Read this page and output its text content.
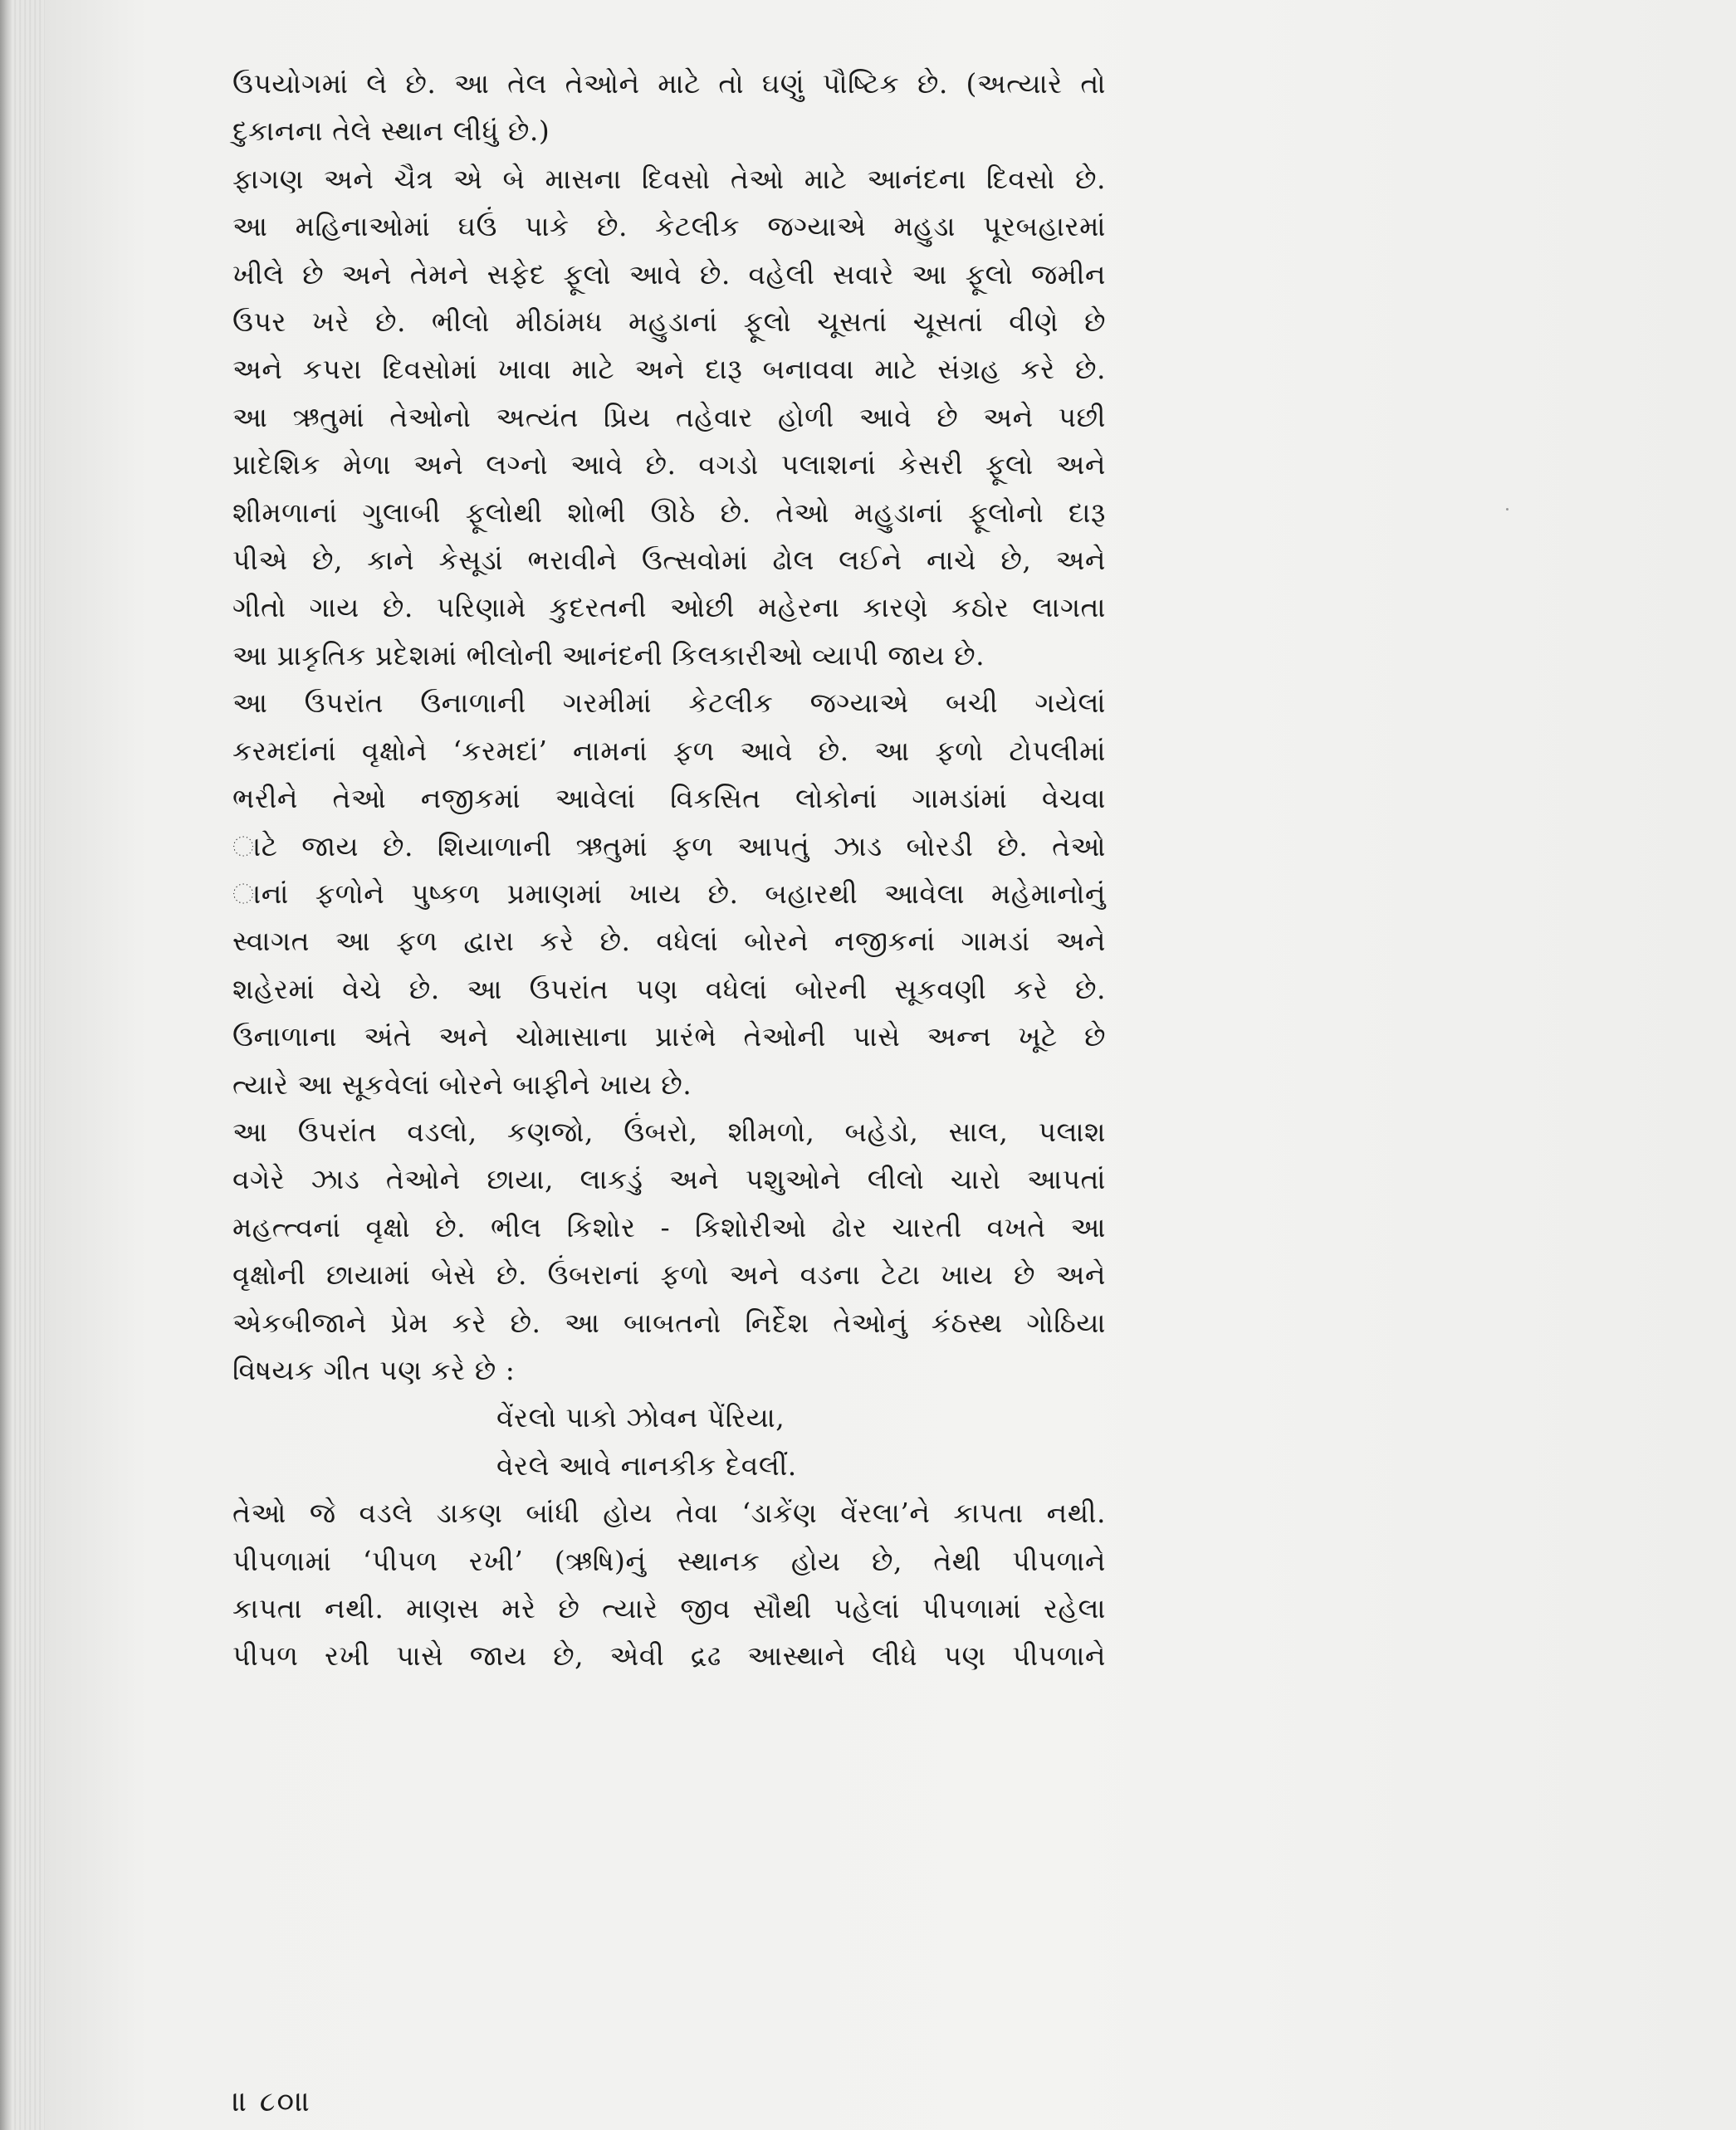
ઉપયોગમાં લે છે. આ તેલ તેઓને માટે તો ઘણું પૌષ્ટિક છે. (અત્યારે તો

દુકાનના તેલે સ્થાન લીધું છે.)

ફાગણ અને ચૈત્ર એ બે માસના દિવસો તેઓ માટે આનંદના દિવસો છે.

આ મહિનાઓમાં ઘઉં પાકે છે. કેટલીક જગ્યાએ મહુડા પૂરબહારમાં

ખીલે છે અને તેમને સફેદ ફૂલો આવે છે. વહેલી સવારે આ ફૂલો જમીન

ઉપર ખરે છે. ભીલો મીઠાંમધ મહુડાનાં ફૂલો ચૂસતાં ચૂસતાં વીણે છે

અને કપરા દિવસોમાં ખાવા માટે અને દારૂ બનાવવા માટે સંગ્રહ કરે છે.

આ ઋતુમાં તેઓનો અત્યંત પ્રિય તહેવાર હોળી આવે છે અને પછી

પ્રાદેશિક મેળા અને લગ્નો આવે છે. વગડો પલાશનાં કેસરી ફૂલો અને

શીમળાનાં ગુલાબી ફૂલોથી શોભી ઊઠે છે. તેઓ મહુડાનાં ફૂલોનો દારૂ

પીએ છે, કાને કેસૂડાં ભરાવીને ઉત્સવોમાં ઢોલ લઈને નાચે છે, અને

ગીતો ગાય છે. પરિણામે કુદરતની ઓછી મહેરના કારણે કઠોર લાગતા

આ પ્રાકૃતિક પ્રદેશમાં ભીલોની આનંદની કિલકારીઓ વ્યાપી જાય છે.

આ ઉપરાંત ઉનાળાની ગરમીમાં કેટલીક જગ્યાએ બચી ગયેલાં

કરમદાંનાં વૃક્ષોને ‘કરમદાં’ નામનાં ફળ આવે છે. આ ફળો ટોપલીમાં

ભરીને તેઓ નજીકમાં આવેલાં વિકસિત લોકોનાં ગામડાંમાં વેચવા

ાટે જાય છે. શિયાળાની ઋતુમાં ફળ આપતું ઝાડ બોરડી છે. તેઓ

ાનાં ફળોને પુષ્કળ પ્રમાણમાં ખાય છે. બહારથી આવેલા મહેમાનોનું

સ્વાગત આ ફળ દ્વારા કરે છે. વધેલાં બોરને નજીકનાં ગામડાં અને

શહેરમાં વેચે છે. આ ઉપરાંત પણ વધેલાં બોરની સૂકવણી કરે છે.

ઉનાળાના અંતે અને ચોમાસાના પ્રારંભે તેઓની પાસે અન્ન ખૂટે છે

ત્યારે આ સૂકવેલાં બોરને બાફીને ખાય છે.

આ ઉપરાંત વડલો, કણજો, ઉંબરો, શીમળો, બહેડો, સાલ, પલાશ

વગેરે ઝાડ તેઓને છાયા, લાકડું અને પશુઓને લીલો ચારો આપતાં

મહત્ત્વનાં વૃક્ષો છે. ભીલ કિશોર - કિશોરીઓ ઢોર ચારતી વખતે આ

વૃક્ષોની છાયામાં બેસે છે. ઉંબરાનાં ફળો અને વડના ટેટા ખાય છે અને

એકબીજાને પ્રેમ કરે છે. આ બાબતનો નિર્દેશ તેઓનું કંઠસ્થ ગોઠિયા

વિષયક ગીત પણ કરે છે :

વેંરલો પાકો ઝોવન પેંરિયા,

વેરલે આવે નાનકીક દેવલીં.

તેઓ જે વડલે ડાકણ બાંધી હોય તેવા ‘ડાકેંણ વેંરલા’ને કાપતા નથી.

પીપળામાં ‘પીપળ રખી’ (ઋષિ)નું સ્થાનક હોય છે, તેથી પીપળાને

કાપતા નથી. માણસ મરે છે ત્યારે જીવ સૌથી પહેલાં પીપળામાં રહેલા

પીપળ રખી પાસે જાય છે, એવી દ્રઢ આસ્થાને લીધે પણ પીપળાને

॥ ૮૦॥
